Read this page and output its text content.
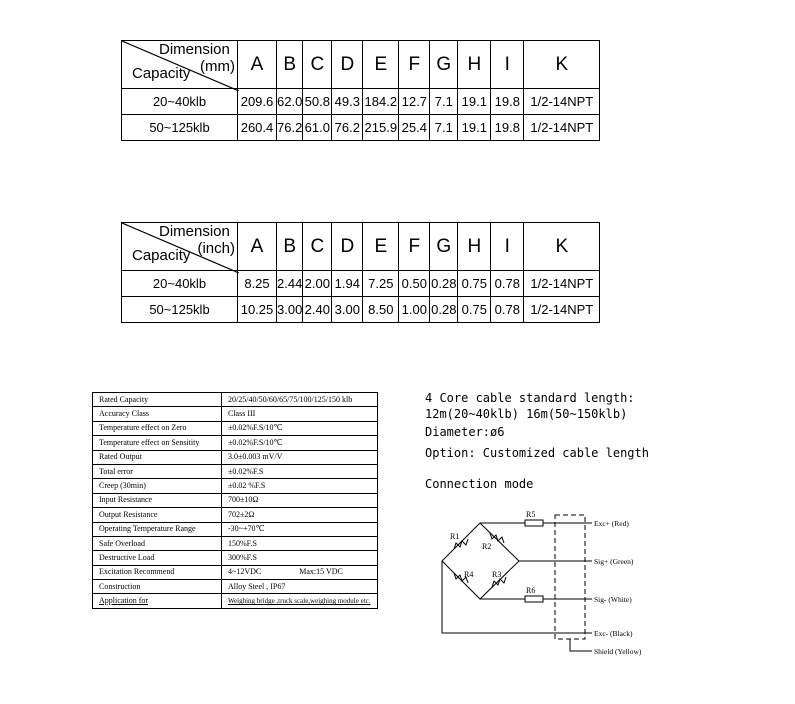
Dimension
(mm)
Capacity	A	B	C	D	E	F	G	H	I	K
20~40klb	209.6	62.0	50.8	49.3	184.2	12.7	7.1	19.1	19.8	1/2-14NPT
50~125klb	260.4	76.2	61.0	76.2	215.9	25.4	7.1	19.1	19.8	1/2-14NPT
Dimension
(inch)
Capacity	A	B	C	D	E	F	G	H	I	K
20~40klb	8.25	2.44	2.00	1.94	7.25	0.50	0.28	0.75	0.78	1/2-14NPT
50~125klb	10.25	3.00	2.40	3.00	8.50	1.00	0.28	0.75	0.78	1/2-14NPT
Rated Capacity	20/25/40/50/60/65/75/100/125/150 klb
Accuracy Class	Class III
Temperature effect on Zero	±0.02%F.S/10℃
Temperature effect on Sensitity	±0.02%F.S/10℃
Rated Output	3.0±0.003 mV/V
Total error	±0.02%F.S
Creep (30min)	±0.02 %F.S
Input Resistance	700±10Ω
Output Resistance	702±2Ω
Operating Temperature Range	-30~+70℃
Safe Overload	150%F.S
Destructive Load	300%F.S
Excitation Recommend	4~12VDC Max:15 VDC
Construction	Alloy Steel , IP67
Application for	Weighing bridge ,truck scale,weighing module etc.
4 Core cable standard length:
12m(20~40klb) 16m(50~150klb)
Diameter:ø6
Option: Customized cable length
Connection mode
R1
R2
R3
R4
R5
R6
Exc+ (Red)
Sig+ (Green)
Sig- (White)
Exc- (Black)
Shield (Yellow)
